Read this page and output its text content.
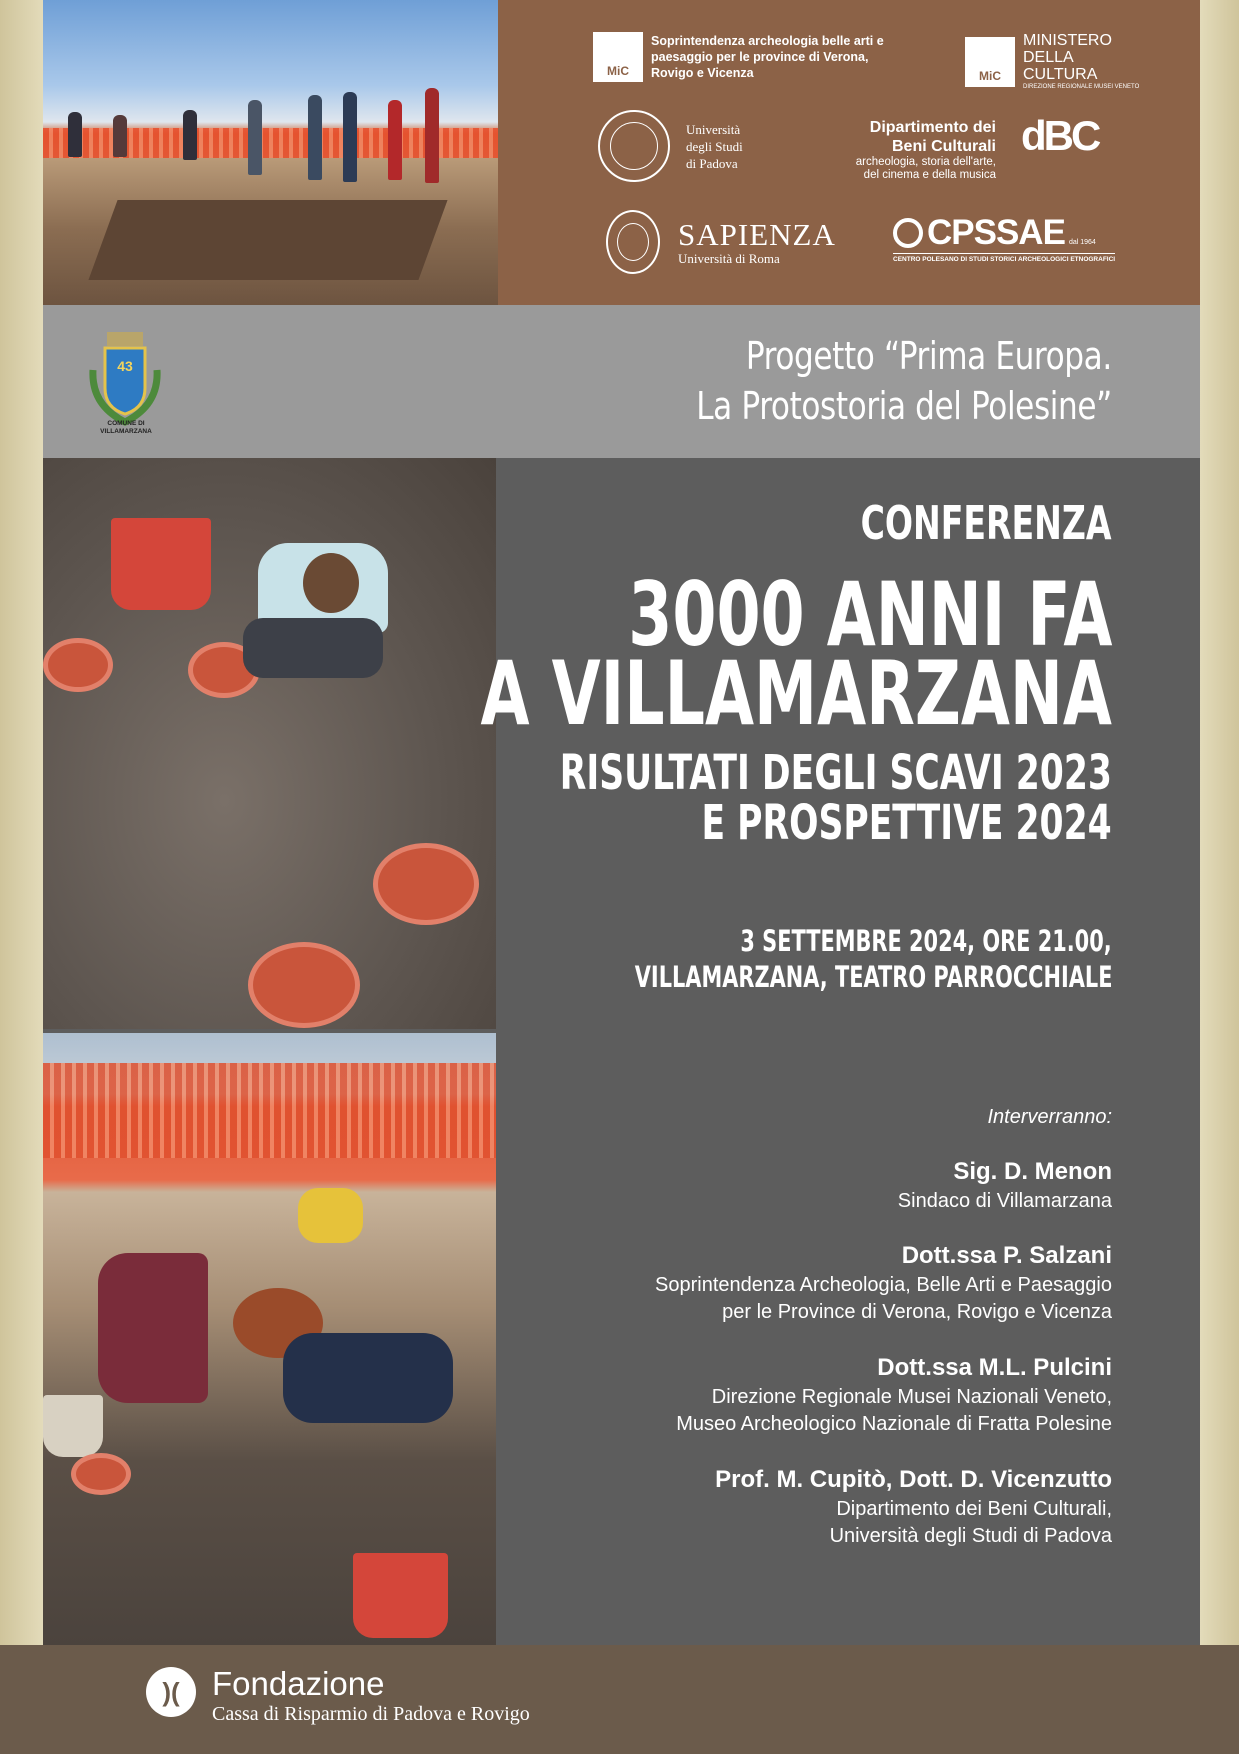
MiC
Soprintendenza archeologia belle arti e paesaggio per le province di Verona, Rovigo e Vicenza	MiC
MINISTERO
DELLA
CULTURA
DIREZIONE REGIONALE MUSEI VENETO
Università
degli Studi
di Padova
Dipartimento dei
Beni Culturali
archeologia, storia dell'arte,
del cinema e della musica
dBC
SAPIENZA
Università di Roma
CPSSAE dal 1964
CENTRO POLESANO DI STUDI STORICI ARCHEOLOGICI ETNOGRAFICI
43
COMUNE DI
VILLAMARZANA
Progetto “Prima Europa.
La Protostoria del Polesine”
CONFERENZA
3000 ANNI FA
A VILLAMARZANA
RISULTATI DEGLI SCAVI 2023
E PROSPETTIVE 2024
3 SETTEMBRE 2024, ORE 21.00,
VILLAMARZANA, TEATRO PARROCCHIALE
Interverranno:
Sig. D. Menon
Sindaco di Villamarzana
Dott.ssa P. Salzani
Soprintendenza Archeologia, Belle Arti e Paesaggio
per le Province di Verona, Rovigo e Vicenza
Dott.ssa M.L. Pulcini
Direzione Regionale Musei Nazionali Veneto,
Museo Archeologico Nazionale di Fratta Polesine
Prof. M. Cupitò, Dott. D. Vicenzutto
Dipartimento dei Beni Culturali,
Università degli Studi di Padova
)( Fondazione
Cassa di Risparmio di Padova e Rovigo
